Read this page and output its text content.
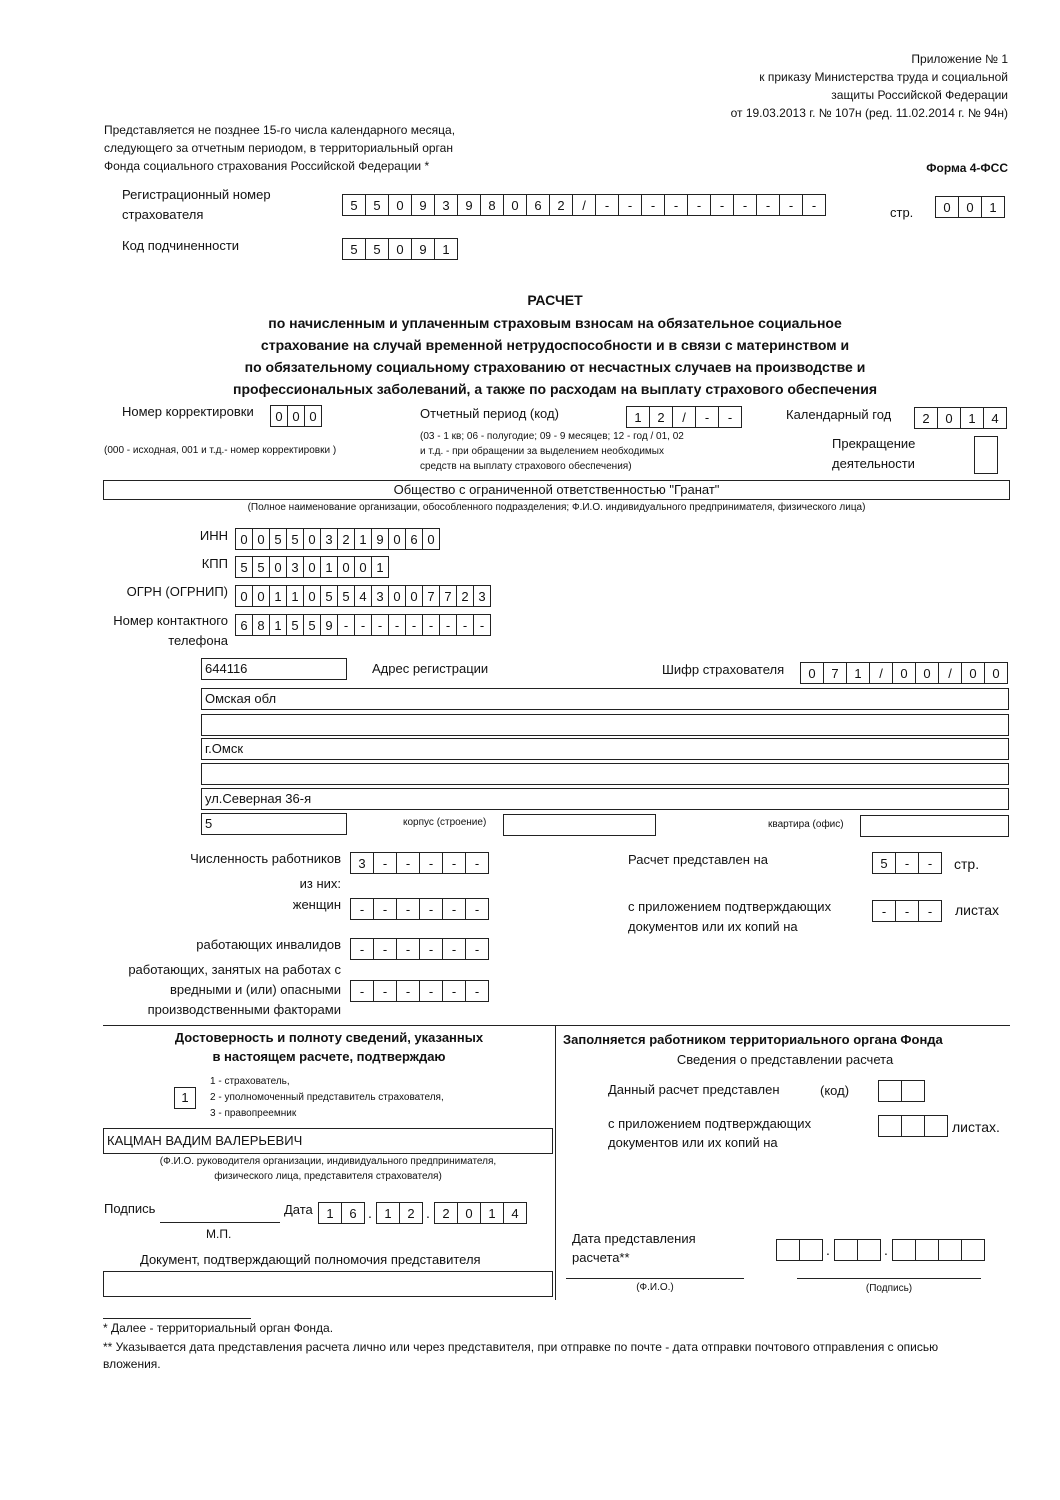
Приложение № 1
к приказу Министерства труда и социальной
защиты Российской Федерации
от 19.03.2013 г. № 107н (ред. 11.02.2014 г. № 94н)
Представляется не позднее 15-го числа календарного месяца,
следующего за отчетным периодом, в территориальный орган
Фонда социального страхования Российской Федерации *	Форма 4-ФСС
Регистрационный номер
страхователя
5	5	0	9	3	9	8	0	6	2	/	-	-	-	-	-	-	-	-	-	-	стр.	0	0	1
Код подчиненности	5	5	0	9	1
РАСЧЕТ
по начисленным и уплаченным страховым взносам на обязательное социальное
страхование на случай временной нетрудоспособности и в связи с материнством и
по обязательному социальному страхованию от несчастных случаев на производстве и
профессиональных заболеваний, а также по расходам на выплату страхового обеспечения
Номер корректировки	0 0 0
(000 - исходная, 001 и т.д.- номер корректировки )
Отчетный период (код)	1	2	/	-	-
(03 - 1 кв; 06 - полугодие; 09 - 9 месяцев; 12 - год / 01, 02
и т.д. - при обращении за выделением необходимых
средств на выплату страхового обеспечения)
Календарный год	2	0	1	4
Прекращение
деятельности
Общество с ограниченной ответственностью "Гранат"
(Полное наименование организации, обособленного подразделения; Ф.И.О. индивидуального предпринимателя, физического лица)
ИНН 0 0 5 5 0 3 2 1 9 0 6 0
КПП 5 5 0 3 0 1 0 0 1
ОГРН (ОГРНИП) 0 0 1 1 0 5 5 4 3 0 0 7 7 2 3
Номер контактного
телефона
6 8 1 5 5 9 - - - - - - - - -
644116	Адрес регистрации	Шифр страхователя	0	7	1	/	0	0	/	0	0
Омская обл
г.Омск
ул.Северная 36-я
5	корпус (строение)	квартира (офис)
Численность работников	3	-	-	-	-	-
из них:
женщин	-	-	-	-	-	-
работающих инвалидов	-	-	-	-	-	-
работающих, занятых на работах с
вредными и (или) опасными
производственными факторами
-	-	-	-	-	-
Расчет представлен на	5	-	-	стр.
с приложением подтверждающих
документов или их копий на
-	-	-	листах
Достоверность и полноту сведений, указанных
в настоящем расчете, подтверждаю
1
1 - страхователь,
2 - уполномоченный представитель страхователя,
3 - правопреемник
КАЦМАН ВАДИМ ВАЛЕРЬЕВИЧ
(Ф.И.О. руководителя организации, индивидуального предпринимателя,
физического лица, представителя страхователя)
Подпись	Дата	1	6 . 1	2 . 2	0	1	4
М.П.
Документ, подтверждающий полномочия представителя
Заполняется работником территориального органа Фонда
Сведения о представлении расчета
Данный расчет представлен	(код)
с приложением подтверждающих
документов или их копий на
листах.
Дата представления
расчета**	.	.
(Ф.И.О.)	(Подпись)
* Далее - территориальный орган Фонда.
** Указывается дата представления расчета лично или через представителя, при отправке по почте - дата отправки почтового отправления с описью
вложения.
